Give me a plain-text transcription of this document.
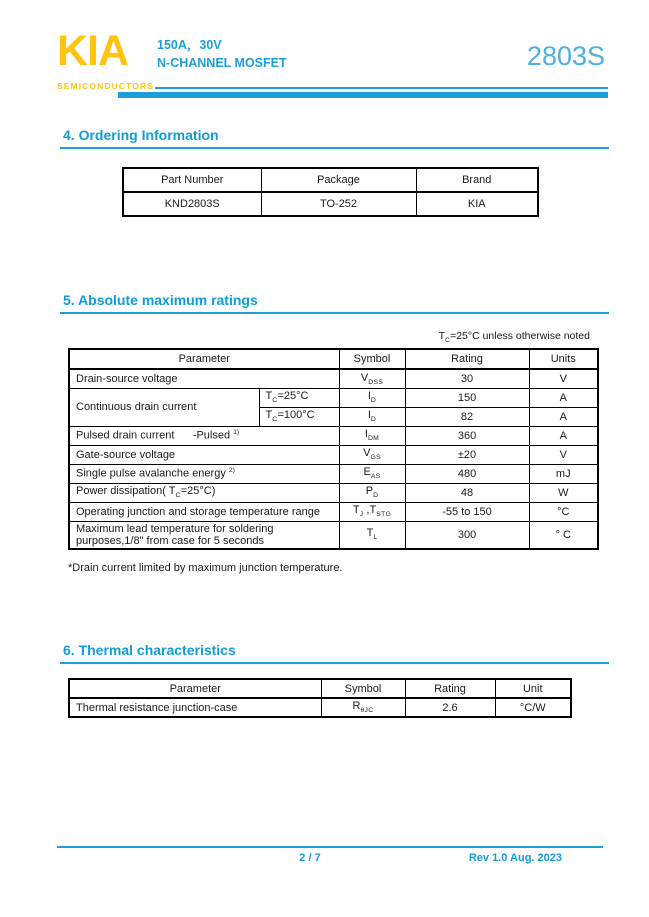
KIA
SEMICONDUCTORS
150A，30V
N-CHANNEL MOSFET	2803S
4. Ordering Information
Part Number	Package	Brand
KND2803S	TO-252	KIA
5. Absolute maximum ratings
$T_C=25^\circ C$ unless otherwise noted
Parameter		Symbol	Rating	Units
Drain-source voltage		$V_{DSS}$	30	V
Continuous drain current	$T_C=25^\circ C$	$I_D$	150	A
	$T_C=100^\circ C$	$I_D$	82	A
Pulsed drain current      -Pulsed $^{1)}$		$I_{DM}$	360	A
Gate-source voltage		$V_{GS}$	±20	V
Single pulse avalanche energy $^{2)}$		$E_{AS}$	480	mJ
Power dissipation( $T_C=25^\circ C$)		$P_D$	48	W
Operating junction and storage temperature range		$T_J$ $,T_{STG}$	-55 to 150	°C
Maximum lead temperature for soldering purposes,1/8" from case for 5 seconds		$T_L$	300	° C
*Drain current limited by maximum junction temperature.
6. Thermal characteristics
Parameter	Symbol	Rating	Unit
Thermal resistance junction-case	$R_{\theta JC}$	2.6	°C/W
2 / 7	Rev 1.0 Aug. 2023
